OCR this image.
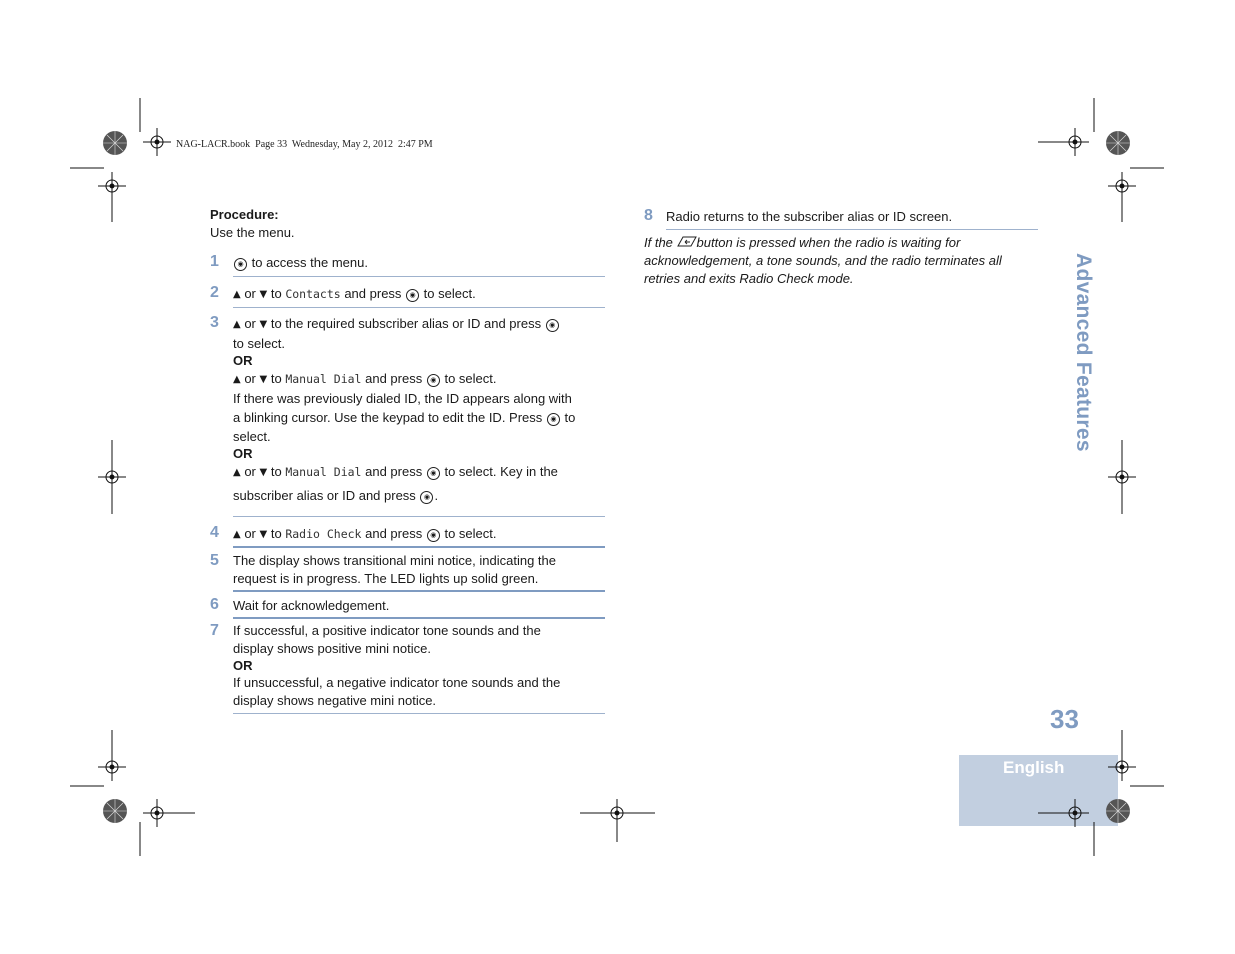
NAG-LACR.book  Page 33  Wednesday, May 2, 2012  2:47 PM
Procedure:
Use the menu.
1	◉ to access the menu.
2 ▲ or ▼ to Contacts and press ◉ to select.
3 ▲ or ▼ to the required subscriber alias or ID and press ◉
to select.
OR
▲ or ▼ to Manual Dial and press ◉ to select.
If there was previously dialed ID, the ID appears along with
a blinking cursor. Use the keypad to edit the ID. Press ◉ to
select.
OR
▲ or ▼ to Manual Dial and press ◉ to select. Key in the
subscriber alias or ID and press ◉ .
4 ▲ or ▼ to Radio Check and press ◉ to select.
5 The display shows transitional mini notice, indicating the
request is in progress. The LED lights up solid green.
6 Wait for acknowledgement.
7 If successful, a positive indicator tone sounds and the
display shows positive mini notice.
OR
If unsuccessful, a negative indicator tone sounds and the
display shows negative mini notice.
8 Radio returns to the subscriber alias or ID screen.
If the button is pressed when the radio is waiting for
acknowledgement, a tone sounds, and the radio terminates all
retries and exits Radio Check mode.	Advanced Features
33
English
